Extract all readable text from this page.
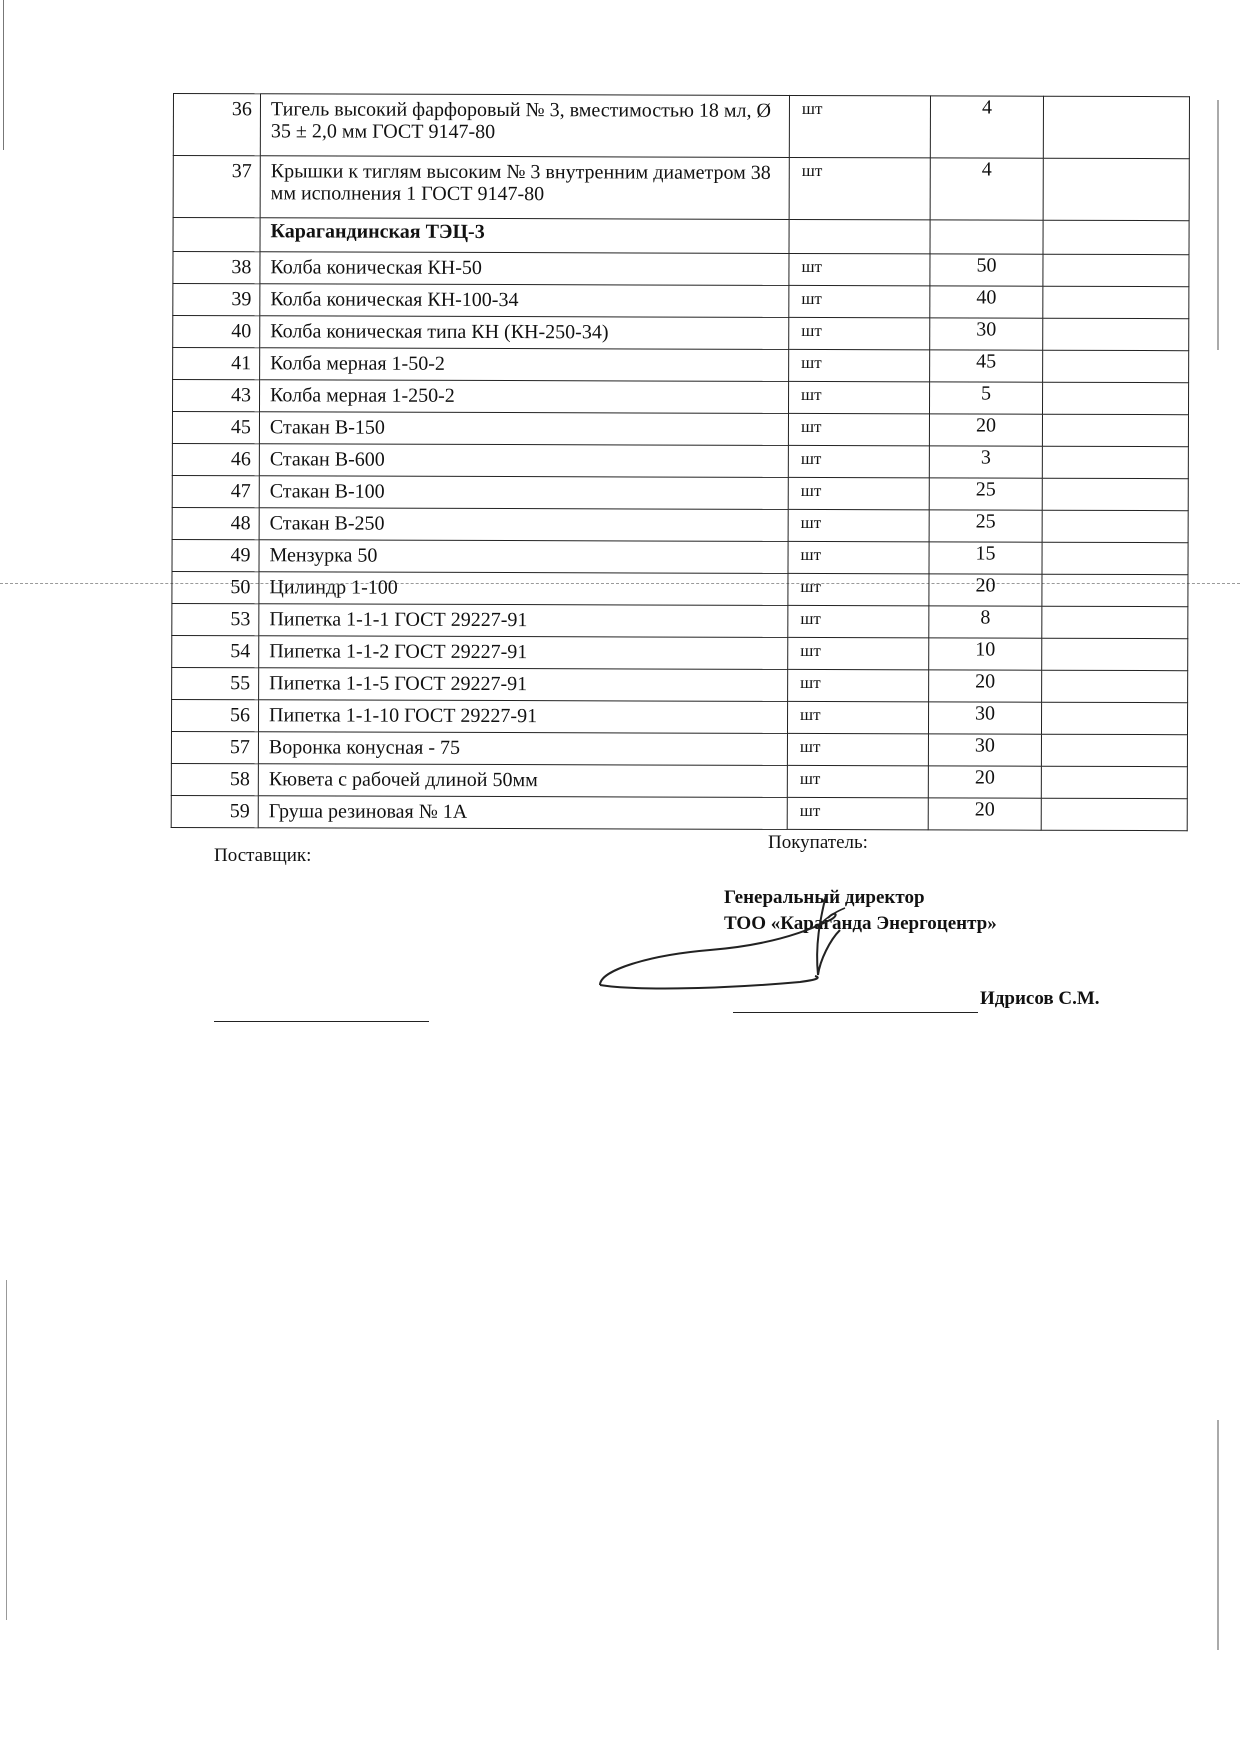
36	Тигель высокий фарфоровый № 3, вместимостью 18 мл, Ø 35 ± 2,0 мм ГОСТ 9147-80	шт	4	
37	Крышки к тиглям высоким № 3 внутренним диаметром 38 мм исполнения 1 ГОСТ 9147-80	шт	4	
	Карагандинская ТЭЦ-3			
38	Колба коническая КН-50	шт	50	
39	Колба коническая КН-100-34	шт	40	
40	Колба коническая типа КН (КН-250-34)	шт	30	
41	Колба мерная 1-50-2	шт	45	
43	Колба мерная 1-250-2	шт	5	
45	Стакан В-150	шт	20	
46	Стакан В-600	шт	3	
47	Стакан В-100	шт	25	
48	Стакан В-250	шт	25	
49	Мензурка 50	шт	15	
50	Цилиндр 1-100	шт	20	
53	Пипетка 1-1-1 ГОСТ 29227-91	шт	8	
54	Пипетка 1-1-2 ГОСТ 29227-91	шт	10	
55	Пипетка 1-1-5 ГОСТ 29227-91	шт	20	
56	Пипетка 1-1-10 ГОСТ 29227-91	шт	30	
57	Воронка конусная - 75	шт	30	
58	Кювета с рабочей длиной 50мм	шт	20	
59	Груша резиновая № 1А	шт	20	
Поставщик:
Покупатель:
Генеральный директор
ТОО «Караганда Энергоцентр»
Идрисов С.М.
